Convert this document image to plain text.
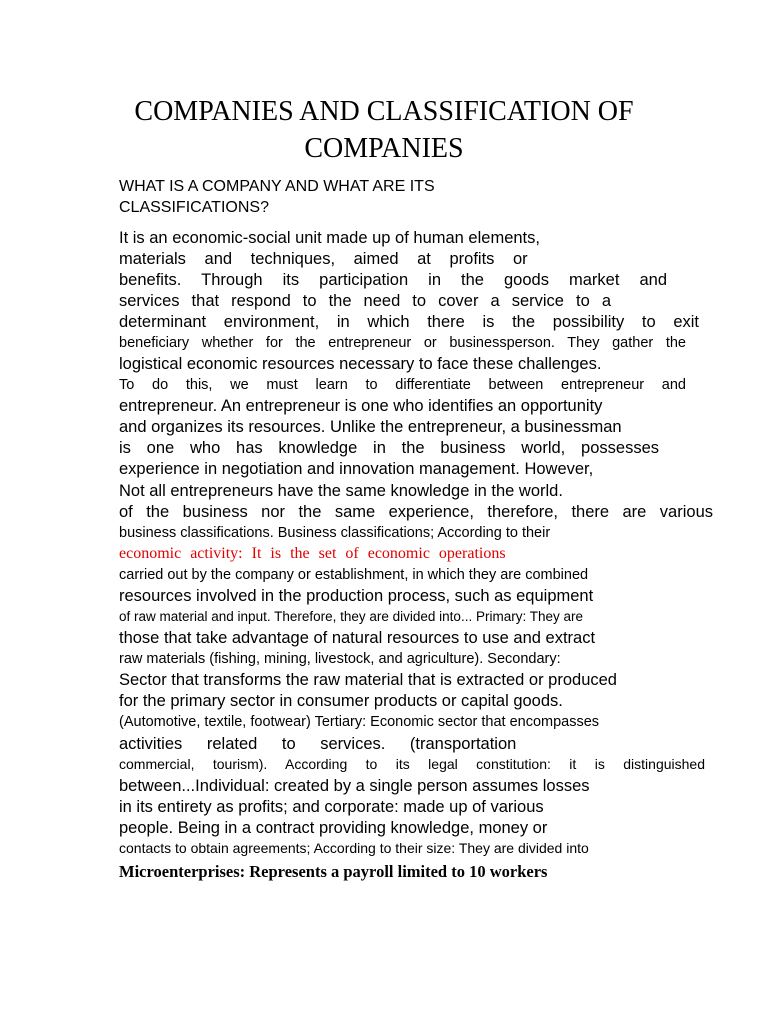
COMPANIES AND CLASSIFICATION OF
COMPANIES
WHAT IS A COMPANY AND WHAT ARE ITS
CLASSIFICATIONS?
It is an economic-social unit made up of human elements,
materials and techniques, aimed at profits or
benefits. Through its participation in the goods market and
services that respond to the need to cover a service to a
determinant environment, in which there is the possibility to exit
beneficiary whether for the entrepreneur or businessperson. They gather the
logistical economic resources necessary to face these challenges.
To do this, we must learn to differentiate between entrepreneur and
entrepreneur. An entrepreneur is one who identifies an opportunity
and organizes its resources. Unlike the entrepreneur, a businessman
is one who has knowledge in the business world, possesses
experience in negotiation and innovation management. However,
Not all entrepreneurs have the same knowledge in the world.
of the business nor the same experience, therefore, there are various
business classifications. Business classifications; According to their
economic activity: It is the set of economic operations
carried out by the company or establishment, in which they are combined
resources involved in the production process, such as equipment
of raw material and input. Therefore, they are divided into... Primary: They are
those that take advantage of natural resources to use and extract
raw materials (fishing, mining, livestock, and agriculture). Secondary:
Sector that transforms the raw material that is extracted or produced
for the primary sector in consumer products or capital goods.
(Automotive, textile, footwear) Tertiary: Economic sector that encompasses
activities related to services. (transportation
commercial, tourism). According to its legal constitution: it is distinguished
between...Individual: created by a single person assumes losses
in its entirety as profits; and corporate: made up of various
people. Being in a contract providing knowledge, money or
contacts to obtain agreements; According to their size: They are divided into
Microenterprises: Represents a payroll limited to 10 workers
